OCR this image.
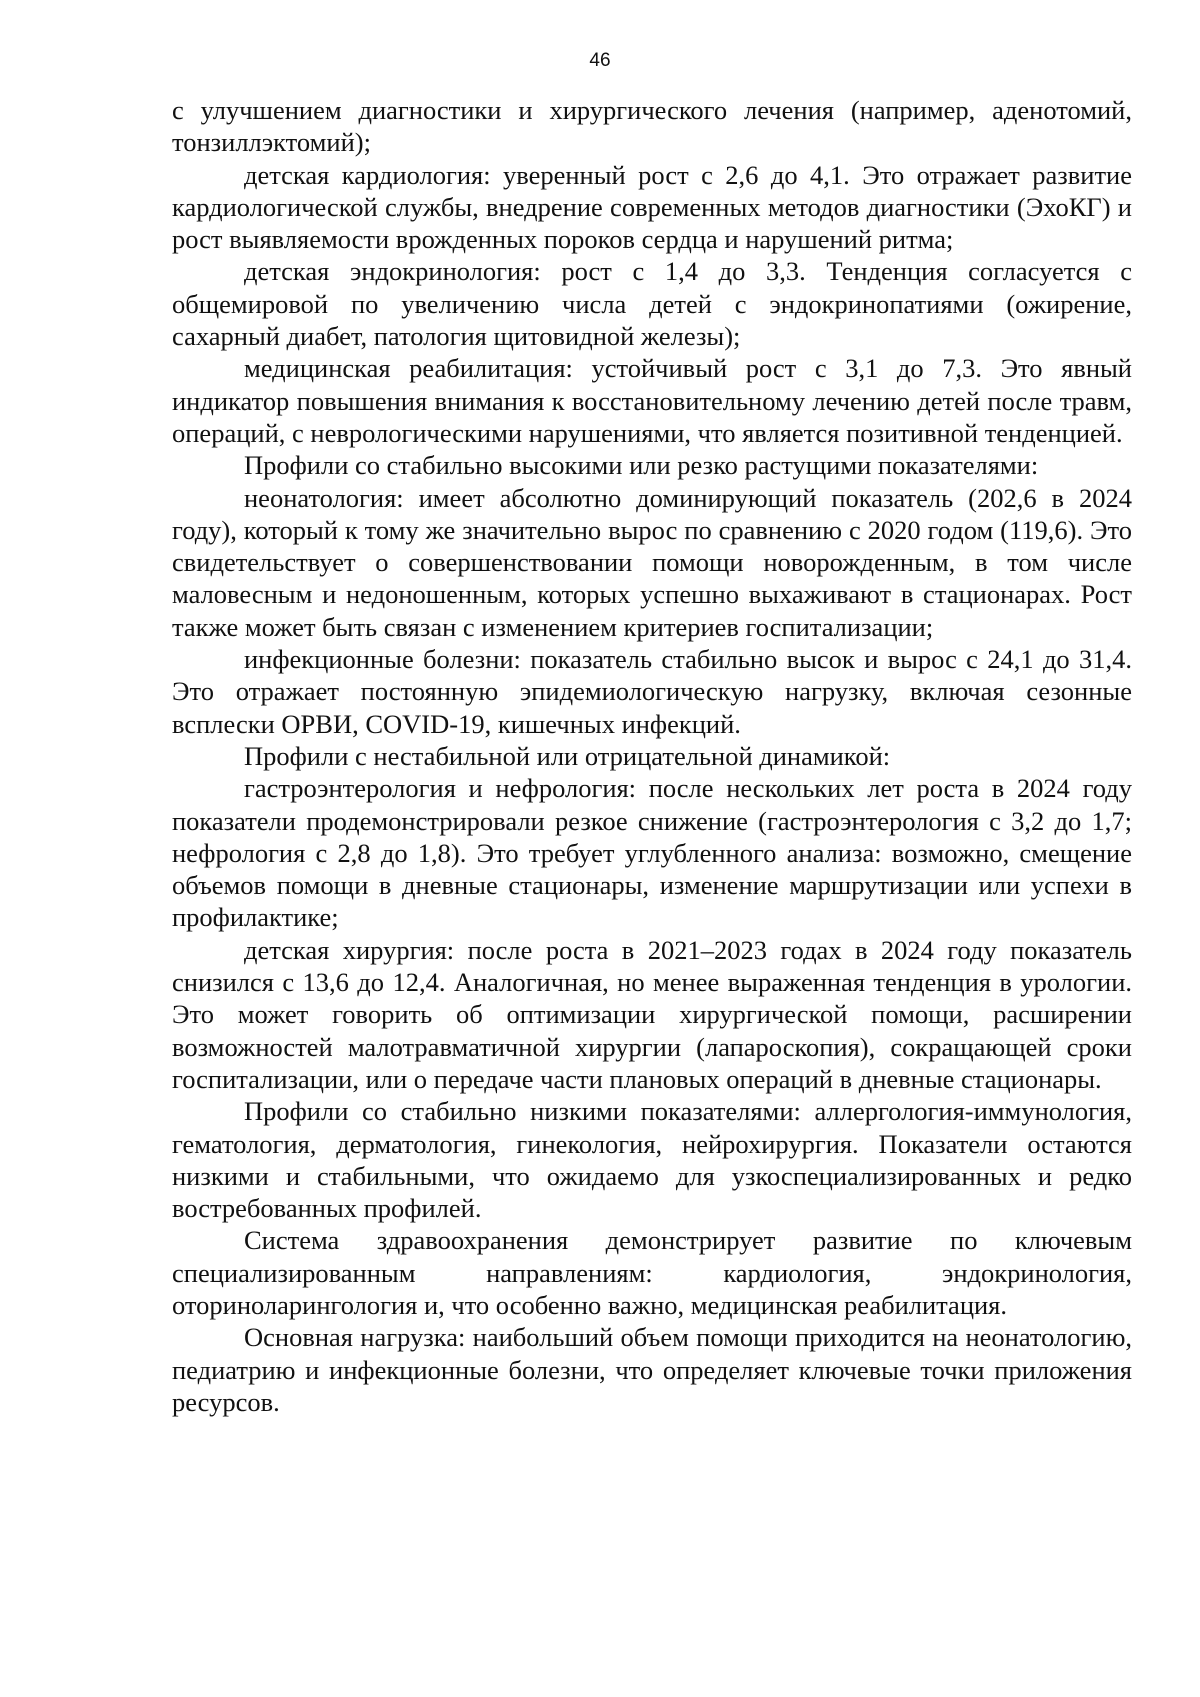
46

с улучшением диагностики и хирургического лечения (например, аденотомий, тонзиллэктомий);

детская кардиология: уверенный рост с 2,6 до 4,1. Это отражает развитие кардиологической службы, внедрение современных методов диагностики (ЭхоКГ) и рост выявляемости врожденных пороков сердца и нарушений ритма;

детская эндокринология: рост с 1,4 до 3,3. Тенденция согласуется с общемировой по увеличению числа детей с эндокринопатиями (ожирение, сахарный диабет, патология щитовидной железы);

медицинская реабилитация: устойчивый рост с 3,1 до 7,3. Это явный индикатор повышения внимания к восстановительному лечению детей после травм, операций, с неврологическими нарушениями, что является позитивной тенденцией.

Профили со стабильно высокими или резко растущими показателями:

неонатология: имеет абсолютно доминирующий показатель (202,6 в 2024 году), который к тому же значительно вырос по сравнению с 2020 годом (119,6). Это свидетельствует о совершенствовании помощи новорожденным, в том числе маловесным и недоношенным, которых успешно выхаживают в стационарах. Рост также может быть связан с изменением критериев госпитализации;

инфекционные болезни: показатель стабильно высок и вырос с 24,1 до 31,4. Это отражает постоянную эпидемиологическую нагрузку, включая сезонные всплески ОРВИ, COVID-19, кишечных инфекций.

Профили с нестабильной или отрицательной динамикой:

гастроэнтерология и нефрология: после нескольких лет роста в 2024 году показатели продемонстрировали резкое снижение (гастроэнтерология с 3,2 до 1,7; нефрология с 2,8 до 1,8). Это требует углубленного анализа: возможно, смещение объемов помощи в дневные стационары, изменение маршрутизации или успехи в профилактике;

детская хирургия: после роста в 2021–2023 годах в 2024 году показатель снизился с 13,6 до 12,4. Аналогичная, но менее выраженная тенденция в урологии. Это может говорить об оптимизации хирургической помощи, расширении возможностей малотравматичной хирургии (лапароскопия), сокращающей сроки госпитализации, или о передаче части плановых операций в дневные стационары.

Профили со стабильно низкими показателями: аллергология-иммунология, гематология, дерматология, гинекология, нейрохирургия. Показатели остаются низкими и стабильными, что ожидаемо для узкоспециализированных и редко востребованных профилей.

Система здравоохранения демонстрирует развитие по ключевым специализированным направлениям: кардиология, эндокринология, оториноларингология и, что особенно важно, медицинская реабилитация.

Основная нагрузка: наибольший объем помощи приходится на неонатологию, педиатрию и инфекционные болезни, что определяет ключевые точки приложения ресурсов.
